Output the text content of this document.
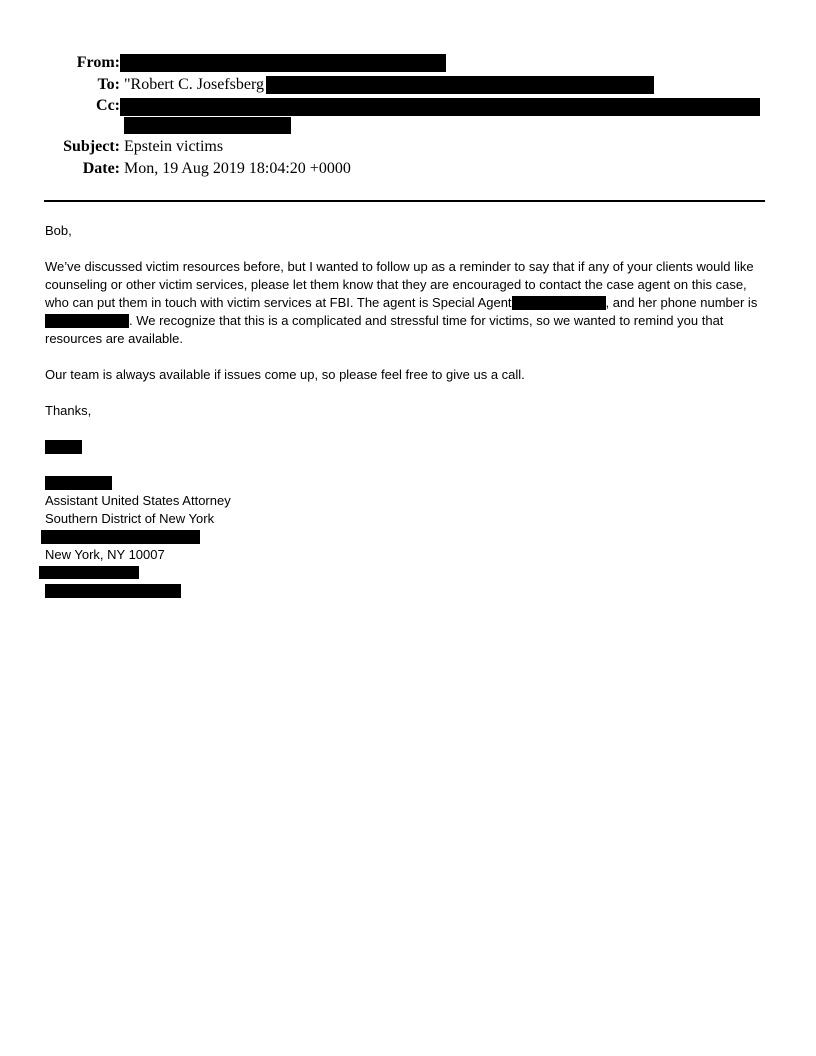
From:
To: "Robert C. Josefsberg
Cc:
Subject: Epstein victims
Date: Mon, 19 Aug 2019 18:04:20 +0000
Bob,
We’ve discussed victim resources before, but I wanted to follow up as a reminder to say that if any of your clients would like counseling or other victim services, please let them know that they are encouraged to contact the case agent on this case, who can put them in touch with victim services at FBI. The agent is Special Agent	, and her phone number is . We recognize that this is a complicated and stressful time for victims, so we wanted to remind you that resources are available.
Our team is always available if issues come up, so please feel free to give us a call.
Thanks,
Assistant United States Attorney
Southern District of New York
New York, NY 10007
